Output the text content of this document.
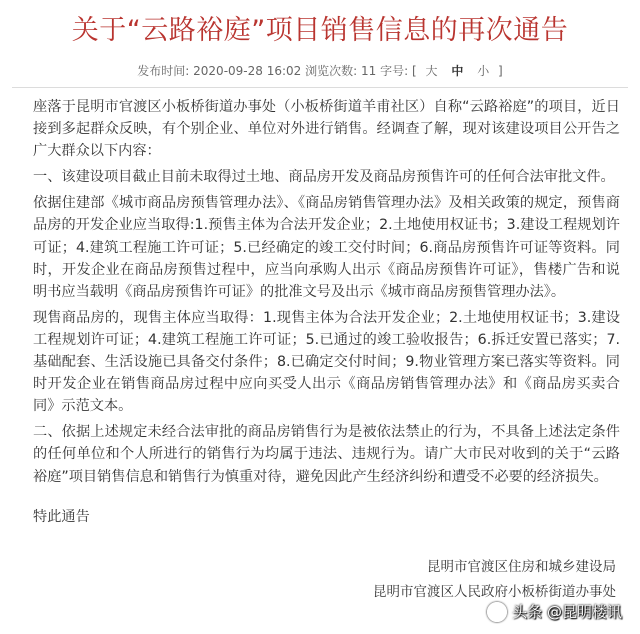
关于“云路裕庭”项目销售信息的再次通告
发布时间: 2020-09-28 16:02 浏览次数: 11 字号: [ 大 中 小 ]

座落于昆明市官渡区小板桥街道办事处（小板桥街道羊甫社区）自称“云路裕庭”的项目，近日接到多起群众反映，有个别企业、单位对外进行销售。经调查了解，现对该建设项目公开告之广大群众以下内容：

一、该建设项目截止目前未取得过土地、商品房开发及商品房预售许可的任何合法审批文件。

依据住建部《城市商品房预售管理办法》、《商品房销售管理办法》及相关政策的规定，预售商品房的开发企业应当取得:1.预售主体为合法开发企业；2.土地使用权证书；3.建设工程规划许可证；4.建筑工程施工许可证；5.已经确定的竣工交付时间；6.商品房预售许可证等资料。同时，开发企业在商品房预售过程中，应当向承购人出示《商品房预售许可证》，售楼广告和说明书应当载明《商品房预售许可证》的批准文号及出示《城市商品房预售管理办法》。

现售商品房的，现售主体应当取得：1.现售主体为合法开发企业；2.土地使用权证书；3.建设工程规划许可证；4.建筑工程施工许可证；5.已通过的竣工验收报告；6.拆迁安置已落实；7.基础配套、生活设施已具备交付条件；8.已确定交付时间；9.物业管理方案已落实等资料。同时开发企业在销售商品房过程中应向买受人出示《商品房销售管理办法》和《商品房买卖合同》示范文本。

二、依据上述规定未经合法审批的商品房销售行为是被依法禁止的行为，不具备上述法定条件的任何单位和个人所进行的销售行为均属于违法、违规行为。请广大市民对收到的关于“云路裕庭”项目销售信息和销售行为慎重对待，避免因此产生经济纠纷和遭受不必要的经济损失。

特此通告

昆明市官渡区住房和城乡建设局
昆明市官渡区人民政府小板桥街道办事处
头条 @昆明楼讯
